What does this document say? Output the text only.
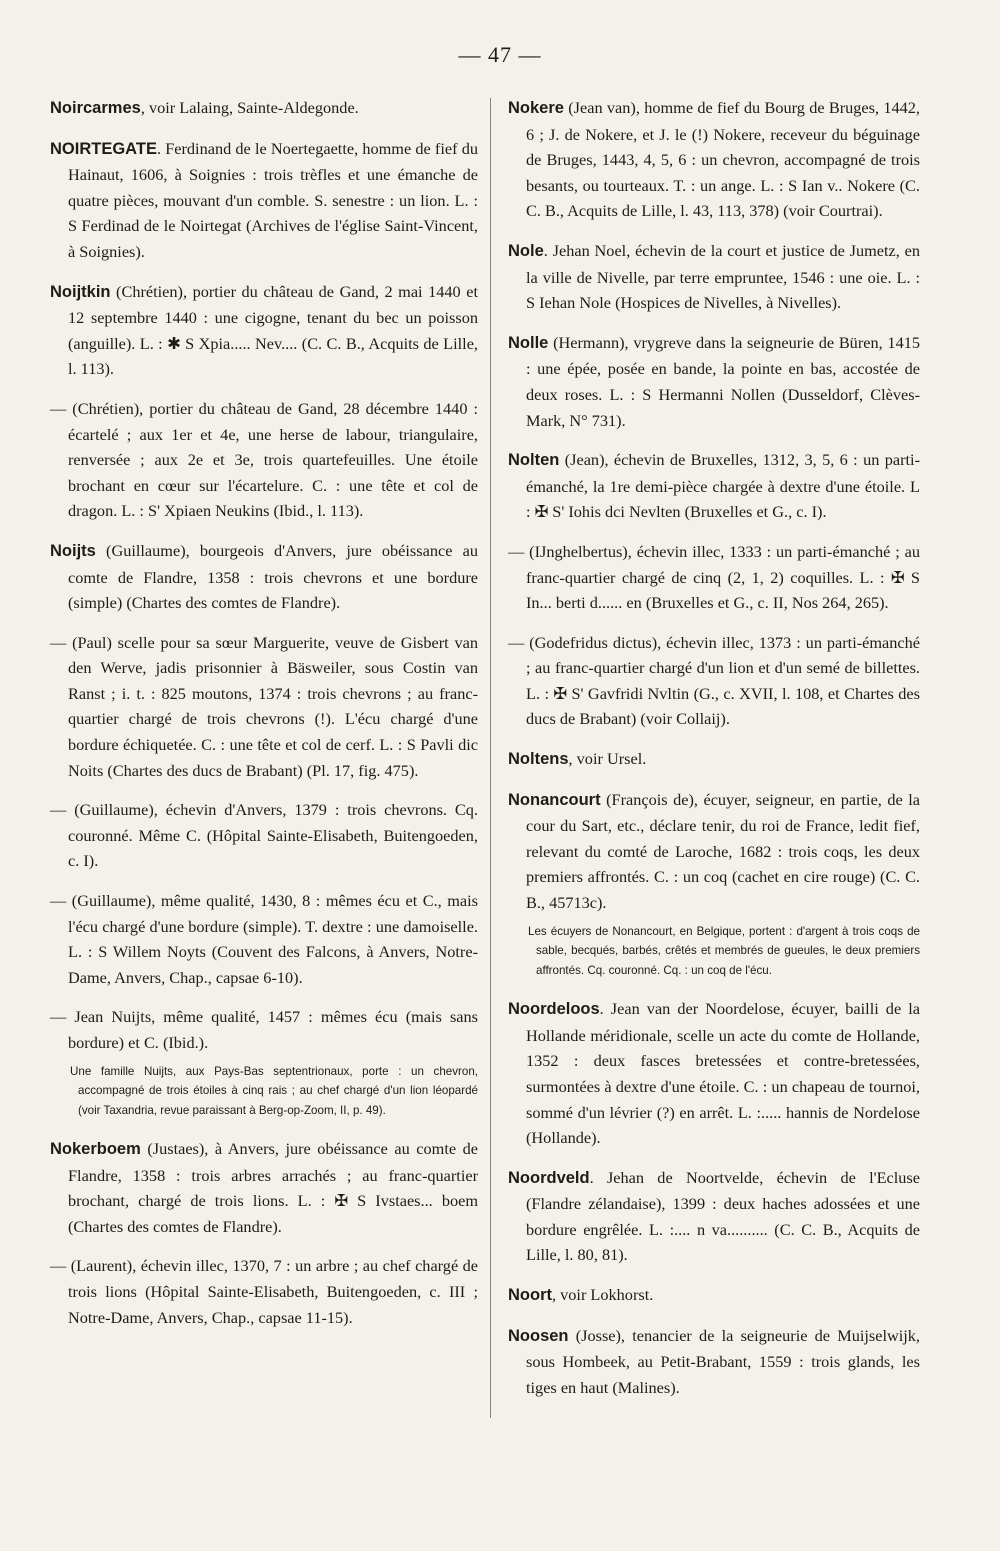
— 47 —

Noircarmes, voir Lalaing, Sainte-Aldegonde.

NOIRTEGATE. Ferdinand de le Noertegaette, homme de fief du Hainaut, 1606, à Soignies : trois trèfles et une émanche de quatre pièces, mouvant d'un comble. S. senestre : un lion. L. : S Ferdinad de le Noirtegat (Archives de l'église Saint-Vincent, à Soignies).

Noijtkin (Chrétien), portier du château de Gand, 2 mai 1440 et 12 septembre 1440 : une cigogne, tenant du bec un poisson (anguille). L. : ✱ S Xpia..... Nev.... (C. C. B., Acquits de Lille, l. 113).

— (Chrétien), portier du château de Gand, 28 décembre 1440 : écartelé ; aux 1er et 4e, une herse de labour, triangulaire, renversée ; aux 2e et 3e, trois quartefeuilles. Une étoile brochant en cœur sur l'écartelure. C. : une tête et col de dragon. L. : S' Xpiaen Neukins (Ibid., l. 113).

Noijts (Guillaume), bourgeois d'Anvers, jure obéissance au comte de Flandre, 1358 : trois chevrons et une bordure (simple) (Chartes des comtes de Flandre).

— (Paul) scelle pour sa sœur Marguerite, veuve de Gisbert van den Werve, jadis prisonnier à Bäsweiler, sous Costin van Ranst ; i. t. : 825 moutons, 1374 : trois chevrons ; au franc-quartier chargé de trois chevrons (!). L'écu chargé d'une bordure échiquetée. C. : une tête et col de cerf. L. : S Pavli dic Noits (Chartes des ducs de Brabant) (Pl. 17, fig. 475).

— (Guillaume), échevin d'Anvers, 1379 : trois chevrons. Cq. couronné. Même C. (Hôpital Sainte-Elisabeth, Buitengoeden, c. I).

— (Guillaume), même qualité, 1430, 8 : mêmes écu et C., mais l'écu chargé d'une bordure (simple). T. dextre : une damoiselle. L. : S Willem Noyts (Couvent des Falcons, à Anvers, Notre-Dame, Anvers, Chap., capsae 6-10).

— Jean Nuijts, même qualité, 1457 : mêmes écu (mais sans bordure) et C. (Ibid.).

Une famille Nuijts, aux Pays-Bas septentrionaux, porte : un chevron, accompagné de trois étoiles à cinq rais ; au chef chargé d'un lion léopardé (voir Taxandria, revue paraissant à Berg-op-Zoom, II, p. 49).

Nokerboem (Justaes), à Anvers, jure obéissance au comte de Flandre, 1358 : trois arbres arrachés ; au franc-quartier brochant, chargé de trois lions. L. : ✠ S Ivstaes... boem (Chartes des comtes de Flandre).

— (Laurent), échevin illec, 1370, 7 : un arbre ; au chef chargé de trois lions (Hôpital Sainte-Elisabeth, Buitengoeden, c. III ; Notre-Dame, Anvers, Chap., capsae 11-15).

Nokere (Jean van), homme de fief du Bourg de Bruges, 1442, 6 ; J. de Nokere, et J. le (!) Nokere, receveur du béguinage de Bruges, 1443, 4, 5, 6 : un chevron, accompagné de trois besants, ou tourteaux. T. : un ange. L. : S Ian v.. Nokere (C. C. B., Acquits de Lille, l. 43, 113, 378) (voir Courtrai).

Nole. Jehan Noel, échevin de la court et justice de Jumetz, en la ville de Nivelle, par terre empruntee, 1546 : une oie. L. : S Iehan Nole (Hospices de Nivelles, à Nivelles).

Nolle (Hermann), vrygreve dans la seigneurie de Büren, 1415 : une épée, posée en bande, la pointe en bas, accostée de deux roses. L. : S Hermanni Nollen (Dusseldorf, Clèves-Mark, N° 731).

Nolten (Jean), échevin de Bruxelles, 1312, 3, 5, 6 : un parti-émanché, la 1re demi-pièce chargée à dextre d'une étoile. L : ✠ S' Iohis dci Nevlten (Bruxelles et G., c. I).

— (IJnghelbertus), échevin illec, 1333 : un parti-émanché ; au franc-quartier chargé de cinq (2, 1, 2) coquilles. L. : ✠ S In... berti d...... en (Bruxelles et G., c. II, Nos 264, 265).

— (Godefridus dictus), échevin illec, 1373 : un parti-émanché ; au franc-quartier chargé d'un lion et d'un semé de billettes. L. : ✠ S' Gavfridi Nvltin (G., c. XVII, l. 108, et Chartes des ducs de Brabant) (voir Collaij).

Noltens, voir Ursel.

Nonancourt (François de), écuyer, seigneur, en partie, de la cour du Sart, etc., déclare tenir, du roi de France, ledit fief, relevant du comté de Laroche, 1682 : trois coqs, les deux premiers affrontés. C. : un coq (cachet en cire rouge) (C. C. B., 45713c).

Les écuyers de Nonancourt, en Belgique, portent : d'argent à trois coqs de sable, becqués, barbés, crêtés et membrés de gueules, le deux premiers affrontés. Cq. couronné. Cq. : un coq de l'écu.

Noordeloos. Jean van der Noordelose, écuyer, bailli de la Hollande méridionale, scelle un acte du comte de Hollande, 1352 : deux fasces bretessées et contre-bretessées, surmontées à dextre d'une étoile. C. : un chapeau de tournoi, sommé d'un lévrier (?) en arrêt. L. :..... hannis de Nordelose (Hollande).

Noordveld. Jehan de Noortvelde, échevin de l'Ecluse (Flandre zélandaise), 1399 : deux haches adossées et une bordure engrêlée. L. :.... n va.......... (C. C. B., Acquits de Lille, l. 80, 81).

Noort, voir Lokhorst.

Noosen (Josse), tenancier de la seigneurie de Muijselwijk, sous Hombeek, au Petit-Brabant, 1559 : trois glands, les tiges en haut (Malines).
